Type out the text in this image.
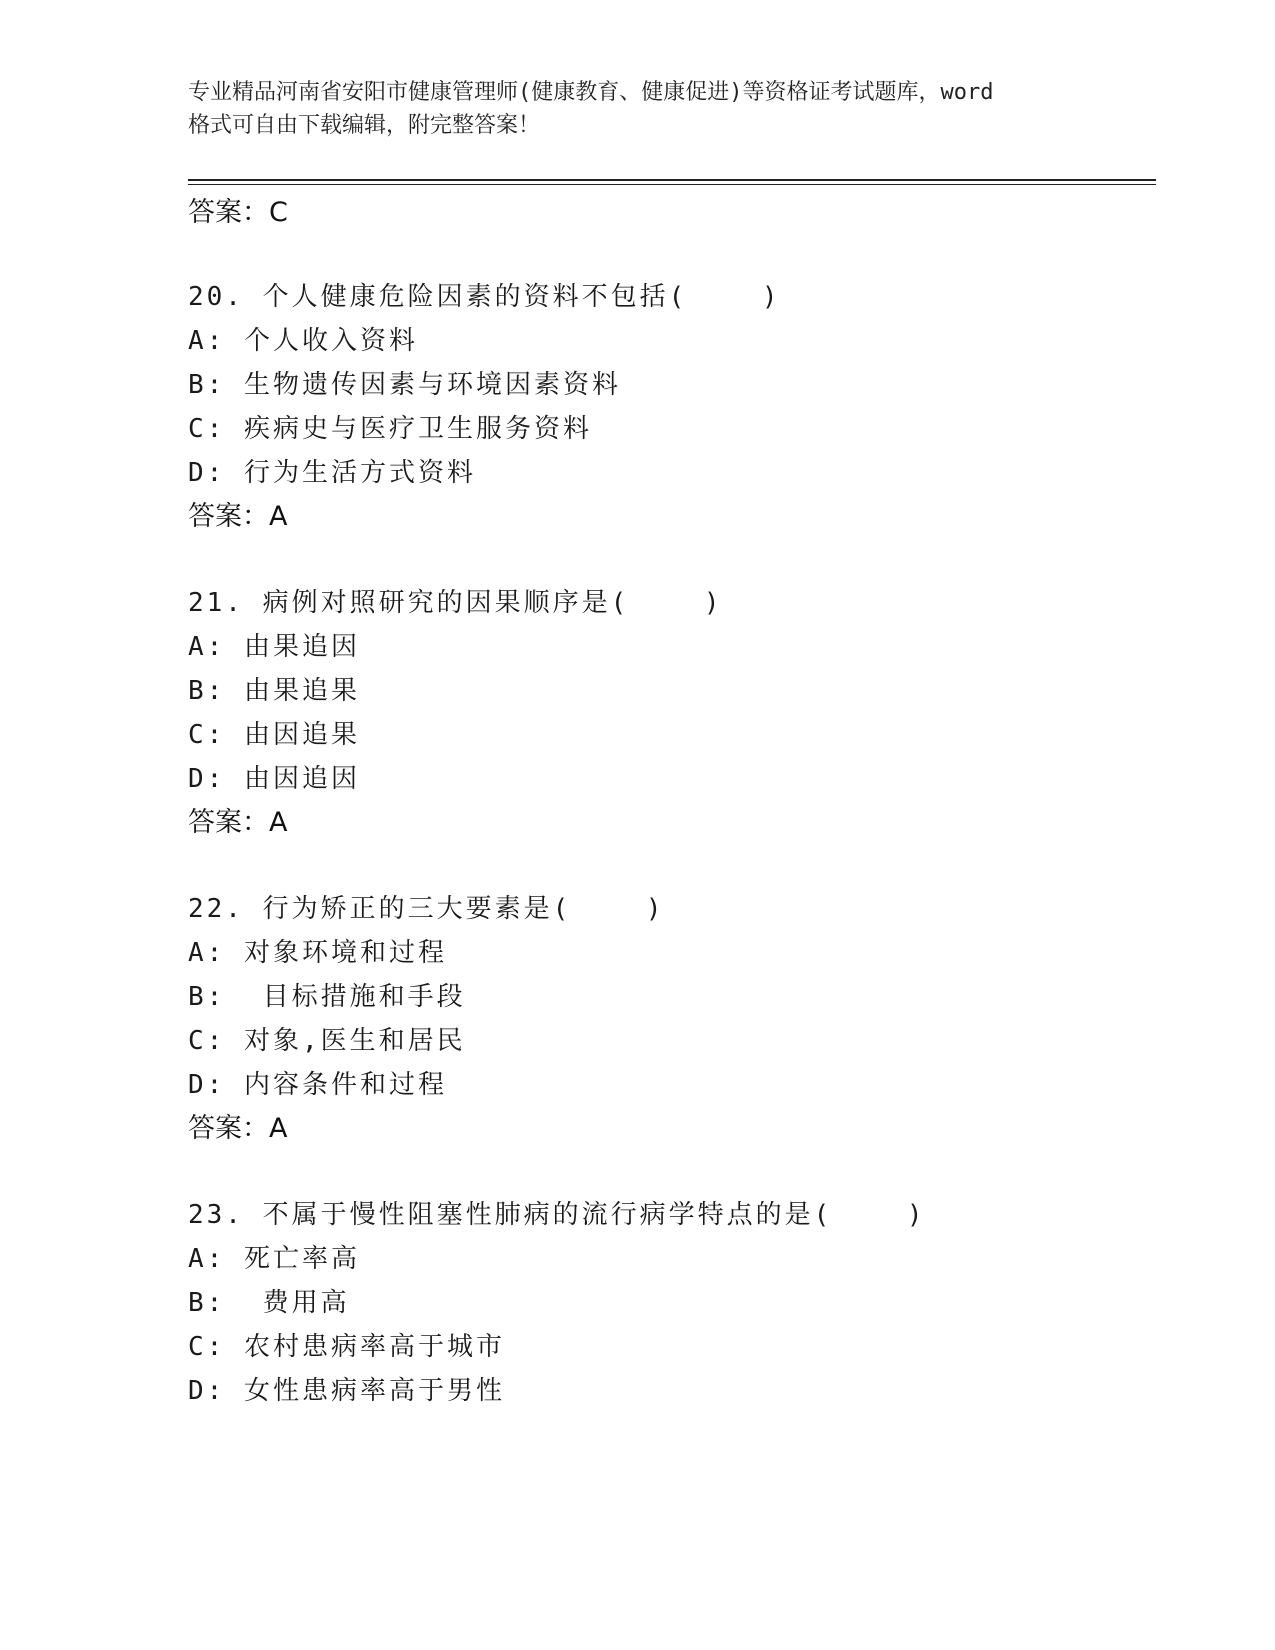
专业精品河南省安阳市健康管理师(健康教育、健康促进)等资格证考试题库，word
格式可自由下载编辑，附完整答案！
答案：C
20. 个人健康危险因素的资料不包括(    )
A: 个人收入资料
B: 生物遗传因素与环境因素资料
C: 疾病史与医疗卫生服务资料
D: 行为生活方式资料
答案：A
21. 病例对照研究的因果顺序是(    )
A: 由果追因
B: 由果追果
C: 由因追果
D: 由因追因
答案：A
22. 行为矫正的三大要素是(    )
A: 对象环境和过程
B:  目标措施和手段
C: 对象,医生和居民
D: 内容条件和过程
答案：A
23. 不属于慢性阻塞性肺病的流行病学特点的是(    )
A: 死亡率高
B:  费用高
C: 农村患病率高于城市
D: 女性患病率高于男性
